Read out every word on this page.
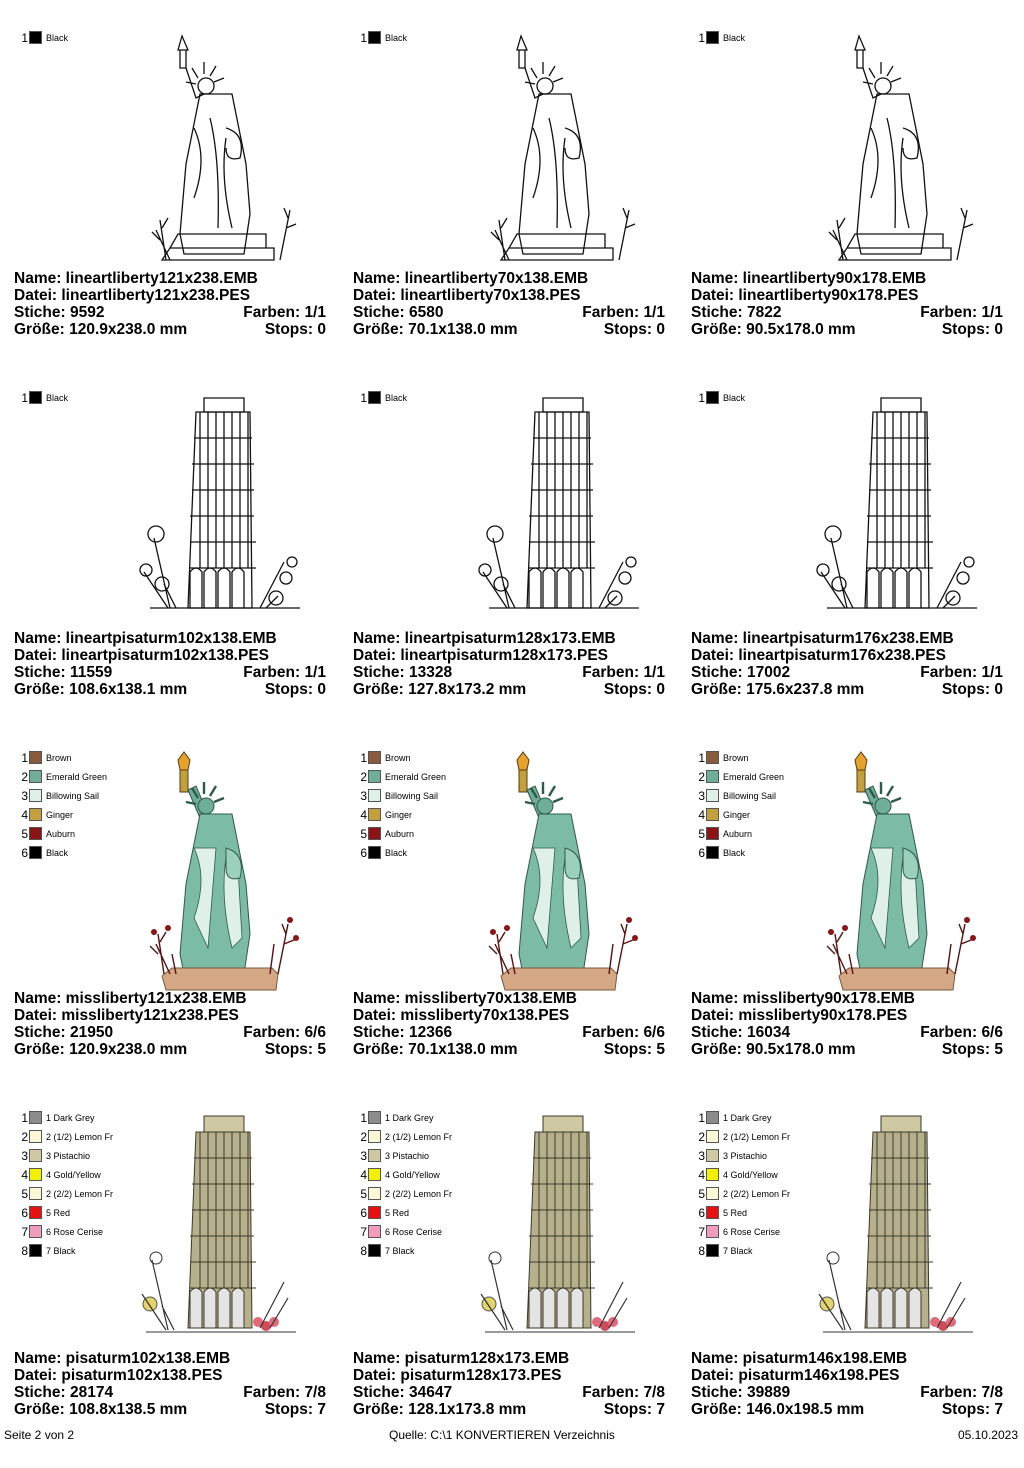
1 Black
Name: lineartliberty121x238.EMB
Datei: lineartliberty121x238.PES
Stiche: 9592	Farben: 1/1
Größe: 120.9x238.0 mm	Stops: 0
1 Black
Name: lineartliberty70x138.EMB
Datei: lineartliberty70x138.PES
Stiche: 6580	Farben: 1/1
Größe: 70.1x138.0 mm	Stops: 0
1 Black
Name: lineartliberty90x178.EMB
Datei: lineartliberty90x178.PES
Stiche: 7822	Farben: 1/1
Größe: 90.5x178.0 mm	Stops: 0
1 Black
Name: lineartpisaturm102x138.EMB
Datei: lineartpisaturm102x138.PES
Stiche: 11559	Farben: 1/1
Größe: 108.6x138.1 mm	Stops: 0
1 Black
Name: lineartpisaturm128x173.EMB
Datei: lineartpisaturm128x173.PES
Stiche: 13328	Farben: 1/1
Größe: 127.8x173.2 mm	Stops: 0
1 Black
Name: lineartpisaturm176x238.EMB
Datei: lineartpisaturm176x238.PES
Stiche: 17002	Farben: 1/1
Größe: 175.6x237.8 mm	Stops: 0
1 Brown
2 Emerald Green
3 Billowing Sail
4 Ginger
5 Auburn
6 Black
Name: missliberty121x238.EMB
Datei: missliberty121x238.PES
Stiche: 21950	Farben: 6/6
Größe: 120.9x238.0 mm	Stops: 5
1 Brown
2 Emerald Green
3 Billowing Sail
4 Ginger
5 Auburn
6 Black
Name: missliberty70x138.EMB
Datei: missliberty70x138.PES
Stiche: 12366	Farben: 6/6
Größe: 70.1x138.0 mm	Stops: 5
1 Brown
2 Emerald Green
3 Billowing Sail
4 Ginger
5 Auburn
6 Black
Name: missliberty90x178.EMB
Datei: missliberty90x178.PES
Stiche: 16034	Farben: 6/6
Größe: 90.5x178.0 mm	Stops: 5
1 1 Dark Grey
2 2 (1/2) Lemon Fr
3 3 Pistachio
4 4 Gold/Yellow
5 2 (2/2) Lemon Fr
6 5 Red
7 6 Rose Cerise
8 7 Black
Name: pisaturm102x138.EMB
Datei: pisaturm102x138.PES
Stiche: 28174	Farben: 7/8
Größe: 108.8x138.5 mm	Stops: 7
1 1 Dark Grey
2 2 (1/2) Lemon Fr
3 3 Pistachio
4 4 Gold/Yellow
5 2 (2/2) Lemon Fr
6 5 Red
7 6 Rose Cerise
8 7 Black
Name: pisaturm128x173.EMB
Datei: pisaturm128x173.PES
Stiche: 34647	Farben: 7/8
Größe: 128.1x173.8 mm	Stops: 7
1 1 Dark Grey
2 2 (1/2) Lemon Fr
3 3 Pistachio
4 4 Gold/Yellow
5 2 (2/2) Lemon Fr
6 5 Red
7 6 Rose Cerise
8 7 Black
Name: pisaturm146x198.EMB
Datei: pisaturm146x198.PES
Stiche: 39889	Farben: 7/8
Größe: 146.0x198.5 mm	Stops: 7
Seite 2 von 2	Quelle: C:\1 KONVERTIEREN Verzeichnis	05.10.2023
